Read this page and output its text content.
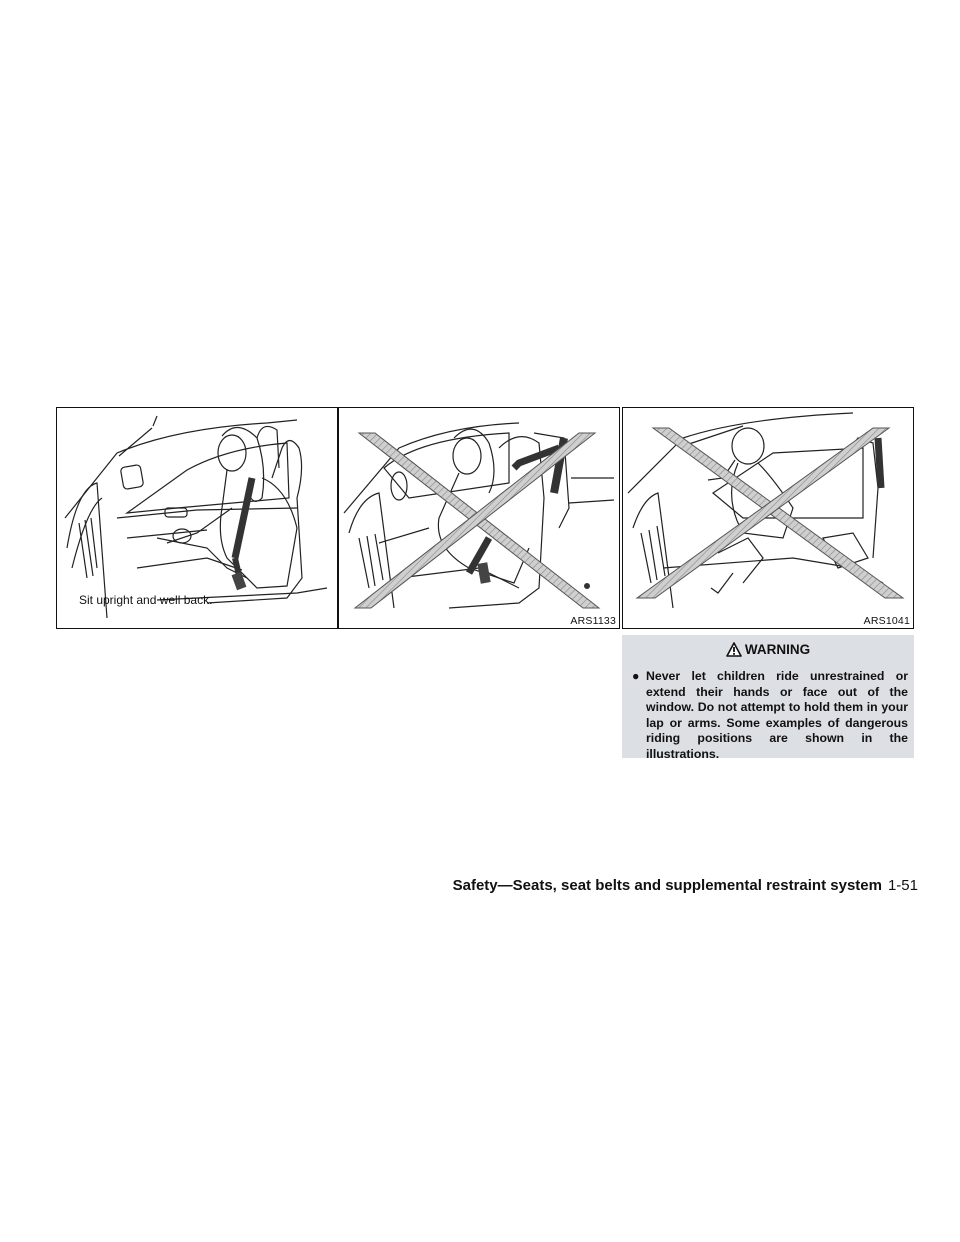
Sit upright and well back.
ARS1133	ARS1041
WARNING
● Never let children ride unrestrained or extend their hands or face out of the window. Do not attempt to hold them in your lap or arms. Some examples of dangerous riding positions are shown in the illustrations.
Safety—Seats, seat belts and supplemental restraint system 1-51
